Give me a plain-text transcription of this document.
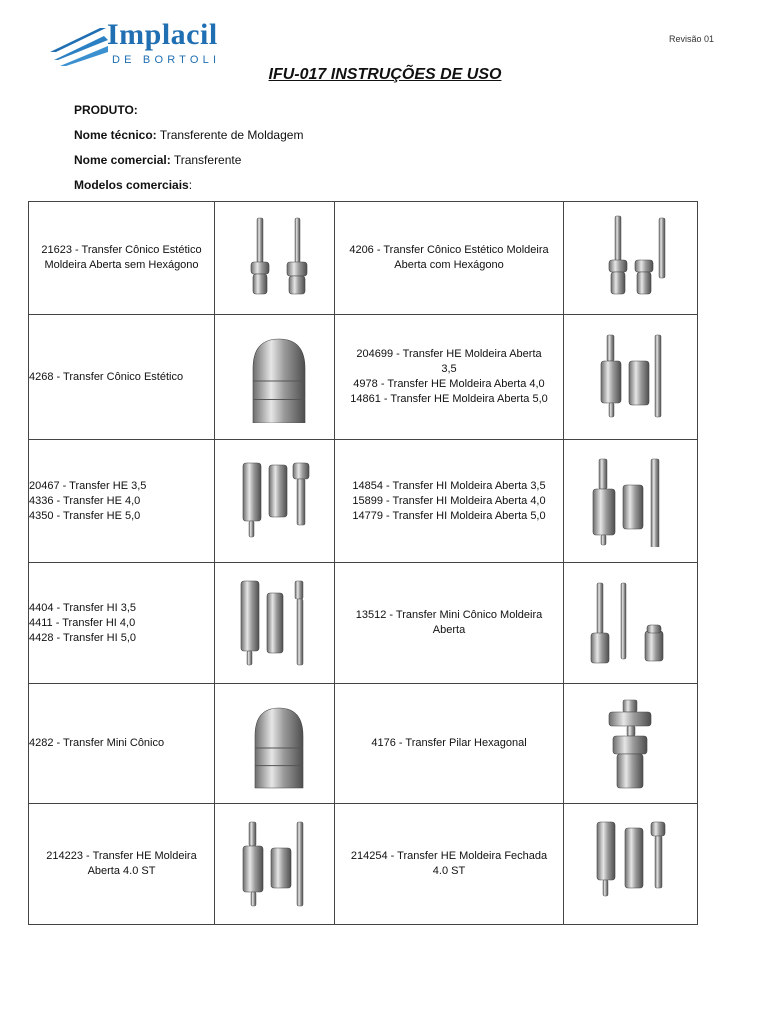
Implacil
DE BORTOLI
Revisão 01
IFU-017 INSTRUÇÕES DE USO
PRODUTO:
Nome técnico: Transferente de Moldagem
Nome comercial: Transferente
Modelos comerciais:
21623 - Transfer Cônico Estético
Moldeira Aberta sem Hexágono		4206 - Transfer Cônico Estético Moldeira
Aberta com Hexágono

4268 - Transfer Cônico Estético		204699 - Transfer HE Moldeira Aberta
3,5
4978 - Transfer HE Moldeira Aberta 4,0
14861 - Transfer HE Moldeira Aberta 5,0

20467 - Transfer HE 3,5
4336 - Transfer HE 4,0
4350 - Transfer HE 5,0		14854 - Transfer HI Moldeira Aberta 3,5
15899 - Transfer HI Moldeira Aberta 4,0
14779 - Transfer HI Moldeira Aberta 5,0

4404 - Transfer HI 3,5
4411 - Transfer HI 4,0
4428 - Transfer HI 5,0		13512 - Transfer Mini Cônico Moldeira
Aberta

4282 - Transfer Mini Cônico		4176 - Transfer Pilar Hexagonal

214223 - Transfer HE Moldeira
Aberta 4.0 ST		214254 - Transfer HE Moldeira Fechada
4.0 ST
